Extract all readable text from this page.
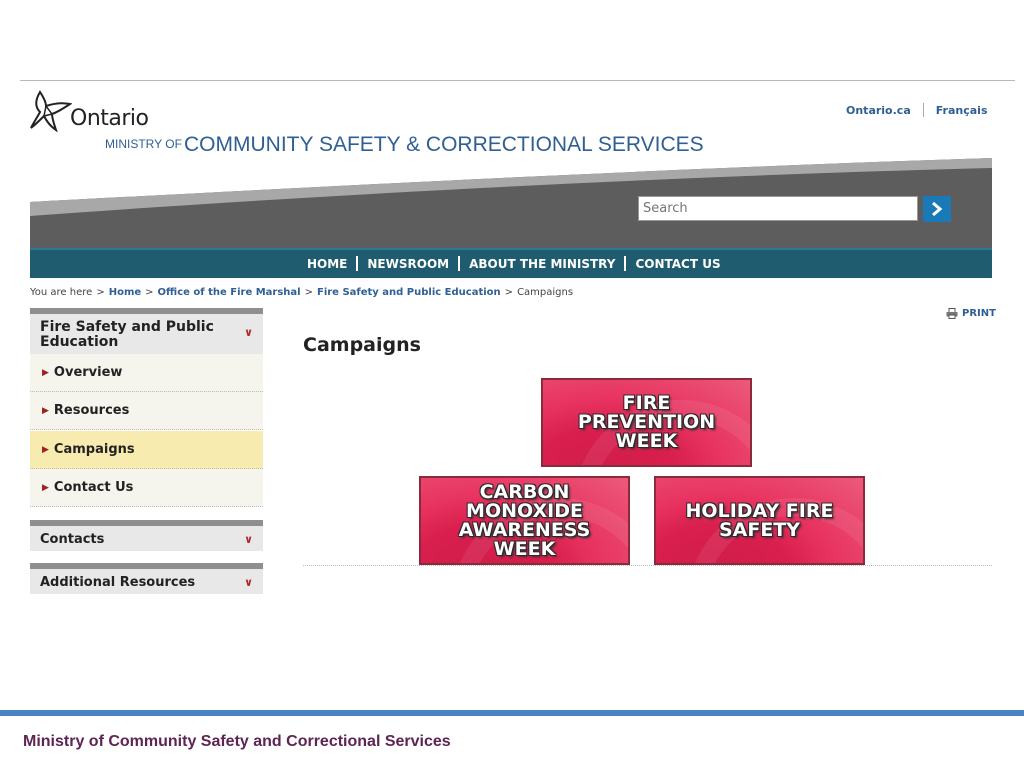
Ontario
MINISTRY OF COMMUNITY SAFETY & CORRECTIONAL SERVICES
Ontario.ca Français
Search
HOME NEWSROOM ABOUT THE MINISTRY CONTACT US
You are here > Home > Office of the Fire Marshal > Fire Safety and Public Education > Campaigns
Fire Safety and Public Education
∨
▶ Overview
▶ Resources
▶ Campaigns
▶ Contact Us
Contacts	∨
Additional Resources	∨
PRINT
Campaigns
FIRE PREVENTION WEEK
CARBON MONOXIDE AWARENESS WEEK
HOLIDAY FIRE SAFETY
Ministry of Community Safety and Correctional Services
